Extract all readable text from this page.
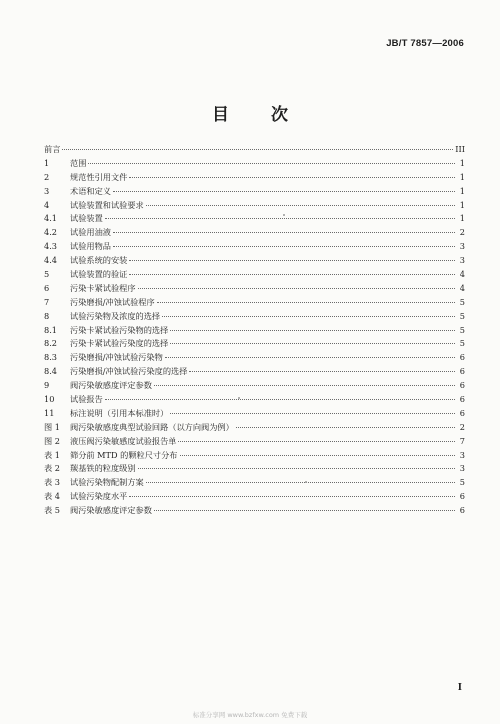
JB/T 7857—2006
目 次
前言	III
1	范围	1
2	规范性引用文件	1
3	术语和定义	1
4	试验装置和试验要求	1
4.1	试验装置	1
4.2	试验用油液	2
4.3	试验用物品	3
4.4	试验系统的安装	3
5	试验装置的验证	4
6	污染卡紧试验程序	4
7	污染磨损/冲蚀试验程序	5
8	试验污染物及浓度的选择	5
8.1	污染卡紧试验污染物的选择	5
8.2	污染卡紧试验污染度的选择	5
8.3	污染磨损/冲蚀试验污染物	6
8.4	污染磨损/冲蚀试验污染度的选择	6
9	阀污染敏感度评定参数	6
10	试验报告	6
11	标注说明（引用本标准时）	6
图 1	阀污染敏感度典型试验回路（以方向阀为例）	2
图 2	液压阀污染敏感度试验报告单	7
表 1	筛分前 MTD 的颗粒尺寸分布	3
表 2	羰基铁的粒度级别	3
表 3	试验污染物配制方案	5
表 4	试验污染度水平	6
表 5	阀污染敏感度评定参数	6
I
标准分享网 www.bzfxw.com 免费下载
